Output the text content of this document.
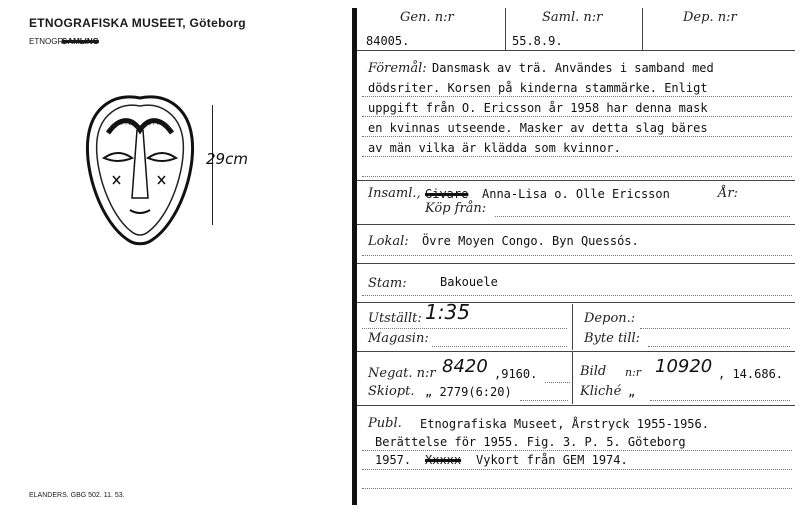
ETNOGRAFISKA MUSEET, Göteborg
ETNOGR.
SAMLING
29cm
ELANDERS. GBG 502. 11. 53.
Gen. n:r	Saml. n:r	Dep. n:r
84005.	55.8.9.
Föremål: Dansmask av trä. Användes i samband med
dödsriter. Korsen på kinderna stammärke. Enligt
uppgift från O. Ericsson år 1958 har denna mask
en kvinnas utseende. Masker av detta slag bäres
av män vilka är klädda som kvinnor.
Insaml., Givare Anna-Lisa o. Olle Ericsson	År:
Köp från:
Lokal: Övre Moyen Congo. Byn Quessós.
Stam:	Bakouele
Utställt: 1:35	Depon.:
Magasin:	Byte till:
Negat. n:r 8420 ,9160.	Bild n:r 10920 , 14.686.
Skiopt. „ 2779(6:20)	Kliché „
Publ. Etnografiska Museet, Årstryck 1955-1956.
Berättelse för 1955. Fig. 3. P. 5. Göteborg
1957. Xxxxx Vykort från GEM 1974.
